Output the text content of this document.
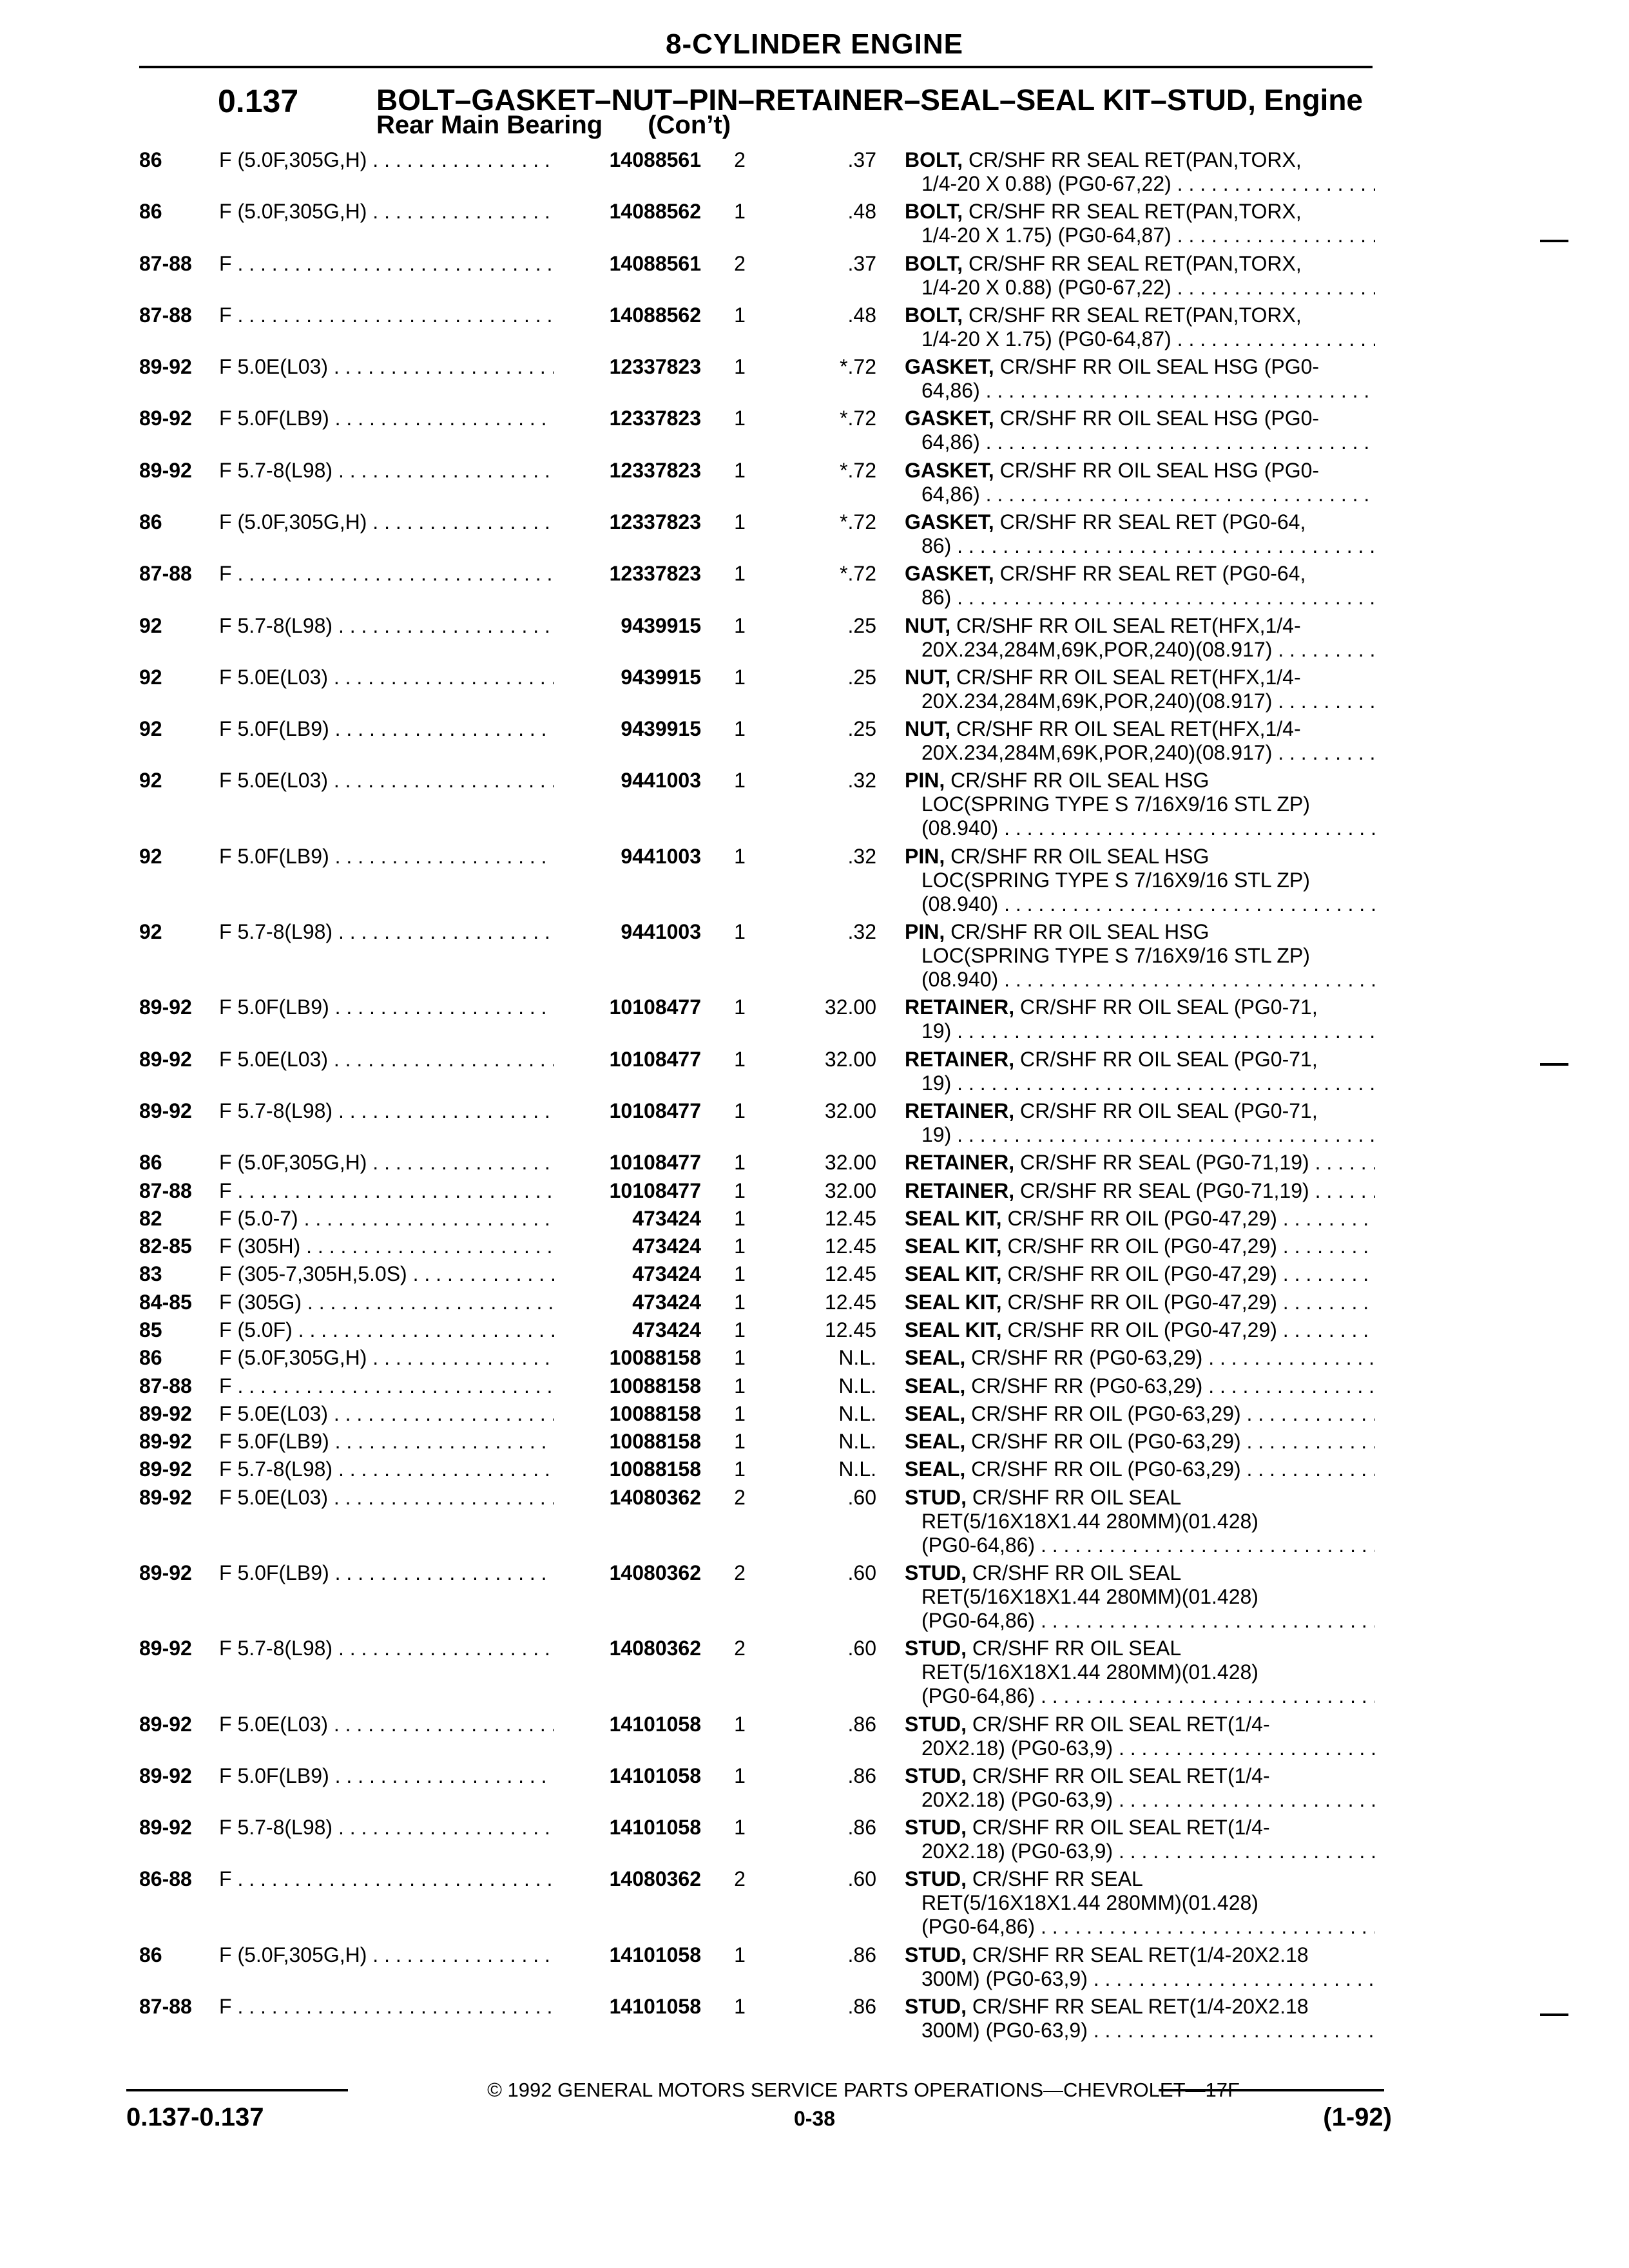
8-CYLINDER ENGINE
0.137	BOLT–GASKET–NUT–PIN–RETAINER–SEAL–SEAL KIT–STUD, Engine
Rear Main Bearing (Con’t)
86	F (5.0F,305G,H) . . .	14088561	2	.37 BOLT, CR/SHF RR SEAL RET(PAN,TORX,
1/4-20 X 0.88) (PG0-67,22) . . .
86	F (5.0F,305G,H) . . .	14088562	1	.48 BOLT, CR/SHF RR SEAL RET(PAN,TORX,
1/4-20 X 1.75) (PG0-64,87) . . .
87-88 F . . .	14088561	2	.37 BOLT, CR/SHF RR SEAL RET(PAN,TORX,
1/4-20 X 0.88) (PG0-67,22) . . .
87-88 F . . .	14088562	1	.48 BOLT, CR/SHF RR SEAL RET(PAN,TORX,
1/4-20 X 1.75) (PG0-64,87) . . .
89-92 F 5.0E(L03) . . .	12337823	1	*.72 GASKET, CR/SHF RR OIL SEAL HSG (PG0-
64,86) . . .
89-92 F 5.0F(LB9) . . .	12337823	1	*.72 GASKET, CR/SHF RR OIL SEAL HSG (PG0-
64,86) . . .
89-92 F 5.7-8(L98) . . .	12337823	1	*.72 GASKET, CR/SHF RR OIL SEAL HSG (PG0-
64,86) . . .
86	F (5.0F,305G,H) . . .	12337823	1	*.72 GASKET, CR/SHF RR SEAL RET (PG0-64,
86) . . .
87-88 F . . .	12337823	1	*.72 GASKET, CR/SHF RR SEAL RET (PG0-64,
86) . . .
92	F 5.7-8(L98) . . .	9439915	1	.25 NUT, CR/SHF RR OIL SEAL RET(HFX,1/4-
20X.234,284M,69K,POR,240)(08.917) . . .
92	F 5.0E(L03) . . .	9439915	1	.25 NUT, CR/SHF RR OIL SEAL RET(HFX,1/4-
20X.234,284M,69K,POR,240)(08.917) . . .
92	F 5.0F(LB9) . . .	9439915	1	.25 NUT, CR/SHF RR OIL SEAL RET(HFX,1/4-
20X.234,284M,69K,POR,240)(08.917) . . .
92	F 5.0E(L03) . . .	9441003	1	.32 PIN, CR/SHF RR OIL SEAL HSG
LOC(SPRING TYPE S 7/16X9/16 STL ZP)
(08.940) . . .
92	F 5.0F(LB9) . . .	9441003	1	.32 PIN, CR/SHF RR OIL SEAL HSG
LOC(SPRING TYPE S 7/16X9/16 STL ZP)
(08.940) . . .
92	F 5.7-8(L98) . . .	9441003	1	.32 PIN, CR/SHF RR OIL SEAL HSG
LOC(SPRING TYPE S 7/16X9/16 STL ZP)
(08.940) . . .
89-92 F 5.0F(LB9) . . .	10108477	1	32.00 RETAINER, CR/SHF RR OIL SEAL (PG0-71,
19) . . .
89-92 F 5.0E(L03) . . .	10108477	1	32.00 RETAINER, CR/SHF RR OIL SEAL (PG0-71,
19) . . .
89-92 F 5.7-8(L98) . . .	10108477	1	32.00 RETAINER, CR/SHF RR OIL SEAL (PG0-71,
19) . . .
86	F (5.0F,305G,H) . . .	10108477	1	32.00 RETAINER, CR/SHF RR SEAL (PG0-71,19) . . .
87-88 F . . .	10108477	1	32.00 RETAINER, CR/SHF RR SEAL (PG0-71,19) . . .
82	F (5.0-7) . . .	473424	1	12.45 SEAL KIT, CR/SHF RR OIL (PG0-47,29) . . .
82-85 F (305H) . . .	473424	1	12.45 SEAL KIT, CR/SHF RR OIL (PG0-47,29) . . .
83	F (305-7,305H,5.0S) . . .	473424	1	12.45 SEAL KIT, CR/SHF RR OIL (PG0-47,29) . . .
84-85 F (305G) . . .	473424	1	12.45 SEAL KIT, CR/SHF RR OIL (PG0-47,29) . . .
85	F (5.0F) . . .	473424	1	12.45 SEAL KIT, CR/SHF RR OIL (PG0-47,29) . . .
86	F (5.0F,305G,H) . . .	10088158	1	N.L. SEAL, CR/SHF RR (PG0-63,29) . . .
87-88 F . . .	10088158	1	N.L. SEAL, CR/SHF RR (PG0-63,29) . . .
89-92 F 5.0E(L03) . . .	10088158	1	N.L. SEAL, CR/SHF RR OIL (PG0-63,29) . . .
89-92 F 5.0F(LB9) . . .	10088158	1	N.L. SEAL, CR/SHF RR OIL (PG0-63,29) . . .
89-92 F 5.7-8(L98) . . .	10088158	1	N.L. SEAL, CR/SHF RR OIL (PG0-63,29) . . .
89-92 F 5.0E(L03) . . .	14080362	2	.60 STUD, CR/SHF RR OIL SEAL
RET(5/16X18X1.44 280MM)(01.428)
(PG0-64,86) . . .
89-92 F 5.0F(LB9) . . .	14080362	2	.60 STUD, CR/SHF RR OIL SEAL
RET(5/16X18X1.44 280MM)(01.428)
(PG0-64,86) . . .
89-92 F 5.7-8(L98) . . .	14080362	2	.60 STUD, CR/SHF RR OIL SEAL
RET(5/16X18X1.44 280MM)(01.428)
(PG0-64,86) . . .
89-92 F 5.0E(L03) . . .	14101058	1	.86 STUD, CR/SHF RR OIL SEAL RET(1/4-
20X2.18) (PG0-63,9) . . .
89-92 F 5.0F(LB9) . . .	14101058	1	.86 STUD, CR/SHF RR OIL SEAL RET(1/4-
20X2.18) (PG0-63,9) . . .
89-92 F 5.7-8(L98) . . .	14101058	1	.86 STUD, CR/SHF RR OIL SEAL RET(1/4-
20X2.18) (PG0-63,9) . . .
86-88 F . . .	14080362	2	.60 STUD, CR/SHF RR SEAL
RET(5/16X18X1.44 280MM)(01.428)
(PG0-64,86) . . .
86	F (5.0F,305G,H) . . .	14101058	1	.86 STUD, CR/SHF RR SEAL RET(1/4-20X2.18
300M) (PG0-63,9) . . .
87-88 F . . .	14101058	1	.86 STUD, CR/SHF RR SEAL RET(1/4-20X2.18
300M) (PG0-63,9) . . .
© 1992 GENERAL MOTORS SERVICE PARTS OPERATIONS—CHEVROLET—17F
0.137-0.137	0-38	(1-92)
